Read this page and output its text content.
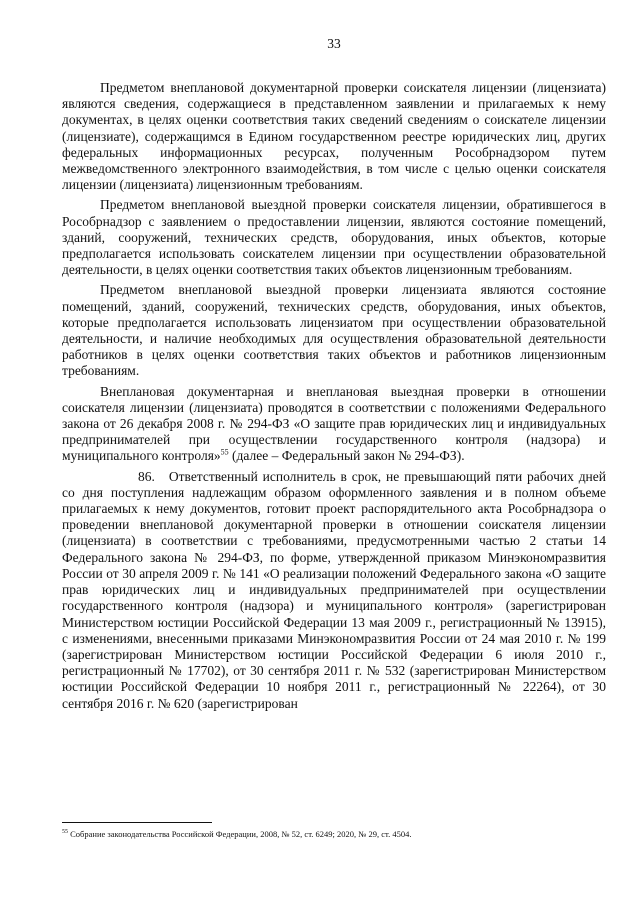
33

Предметом внеплановой документарной проверки соискателя лицензии (лицензиата) являются сведения, содержащиеся в представленном заявлении и прилагаемых к нему документах, в целях оценки соответствия таких сведений сведениям о соискателе лицензии (лицензиате), содержащимся в Едином государственном реестре юридических лиц, других федеральных информационных ресурсах, полученным Рособрнадзором путем межведомственного электронного взаимодействия, в том числе с целью оценки соискателя лицензии (лицензиата) лицензионным требованиям.

Предметом внеплановой выездной проверки соискателя лицензии, обратившегося в Рособрнадзор с заявлением о предоставлении лицензии, являются состояние помещений, зданий, сооружений, технических средств, оборудования, иных объектов, которые предполагается использовать соискателем лицензии при осуществлении образовательной деятельности, в целях оценки соответствия таких объектов лицензионным требованиям.

Предметом внеплановой выездной проверки лицензиата являются состояние помещений, зданий, сооружений, технических средств, оборудования, иных объектов, которые предполагается использовать лицензиатом при осуществлении образовательной деятельности, и наличие необходимых для осуществления образовательной деятельности работников в целях оценки соответствия таких объектов и работников лицензионным требованиям.

Внеплановая документарная и внеплановая выездная проверки в отношении соискателя лицензии (лицензиата) проводятся в соответствии с положениями Федерального закона от 26 декабря 2008 г. № 294-ФЗ «О защите прав юридических лиц и индивидуальных предпринимателей при осуществлении государственного контроля (надзора) и муниципального контроля»$^{55}$ (далее – Федеральный закон № 294-ФЗ).

86. Ответственный исполнитель в срок, не превышающий пяти рабочих дней со дня поступления надлежащим образом оформленного заявления и в полном объеме прилагаемых к нему документов, готовит проект распорядительного акта Рособрнадзора о проведении внеплановой документарной проверки в отношении соискателя лицензии (лицензиата) в соответствии с требованиями, предусмотренными частью 2 статьи 14 Федерального закона № 294-ФЗ, по форме, утвержденной приказом Минэкономразвития России от 30 апреля 2009 г. № 141 «О реализации положений Федерального закона «О защите прав юридических лиц и индивидуальных предпринимателей при осуществлении государственного контроля (надзора) и муниципального контроля» (зарегистрирован Министерством юстиции Российской Федерации 13 мая 2009 г., регистрационный № 13915), с изменениями, внесенными приказами Минэкономразвития России от 24 мая 2010 г. № 199 (зарегистрирован Министерством юстиции Российской Федерации 6 июля 2010 г., регистрационный № 17702), от 30 сентября 2011 г. № 532 (зарегистрирован Министерством юстиции Российской Федерации 10 ноября 2011 г., регистрационный № 22264), от 30 сентября 2016 г. № 620 (зарегистрирован

$^{55}$ Собрание законодательства Российской Федерации, 2008, № 52, ст. 6249; 2020, № 29, ст. 4504.
